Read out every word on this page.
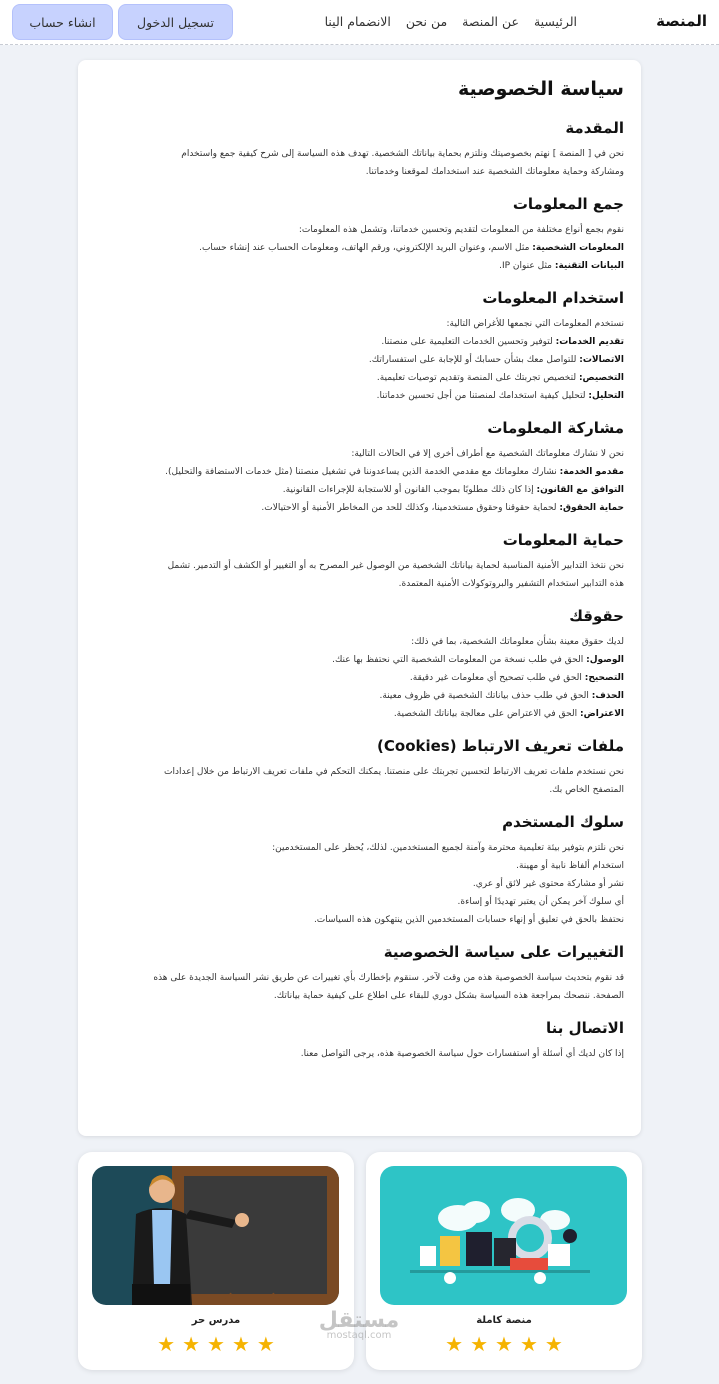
المنصة
الرئيسية
عن المنصة
من نحن
الانضمام الينا
تسجيل الدخول
انشاء حساب
سياسة الخصوصية
المقدمة

نحن في [ المنصة ] نهتم بخصوصيتك ونلتزم بحماية بياناتك الشخصية. تهدف هذه السياسة إلى شرح كيفية جمع واستخدام
ومشاركة وحماية معلوماتك الشخصية عند استخدامك لموقعنا وخدماتنا.

جمع المعلومات
نقوم بجمع أنواع مختلفة من المعلومات لتقديم وتحسين خدماتنا، وتشمل هذه المعلومات:
المعلومات الشخصية: مثل الاسم، وعنوان البريد الإلكتروني، ورقم الهاتف، ومعلومات الحساب عند إنشاء حساب.
البيانات التقنية: مثل عنوان IP.
استخدام المعلومات
نستخدم المعلومات التي نجمعها للأغراض التالية:
تقديم الخدمات: لتوفير وتحسين الخدمات التعليمية على منصتنا.
الاتصالات: للتواصل معك بشأن حسابك أو للإجابة على استفساراتك.
التخصيص: لتخصيص تجربتك على المنصة وتقديم توصيات تعليمية.
التحليل: لتحليل كيفية استخدامك لمنصتنا من أجل تحسين خدماتنا.
مشاركة المعلومات
نحن لا نشارك معلوماتك الشخصية مع أطراف أخرى إلا في الحالات التالية:
مقدمو الخدمة: نشارك معلوماتك مع مقدمي الخدمة الذين يساعدوننا في تشغيل منصتنا (مثل خدمات الاستضافة والتحليل).
التوافق مع القانون: إذا كان ذلك مطلوبًا بموجب القانون أو للاستجابة للإجراءات القانونية.
حماية الحقوق: لحماية حقوقنا وحقوق مستخدمينا، وكذلك للحد من المخاطر الأمنية أو الاحتيالات.
حماية المعلومات

نحن نتخذ التدابير الأمنية المناسبة لحماية بياناتك الشخصية من الوصول غير المصرح به أو التغيير أو الكشف أو التدمير. تشمل
هذه التدابير استخدام التشفير والبروتوكولات الأمنية المعتمدة.

حقوقك
لديك حقوق معينة بشأن معلوماتك الشخصية، بما في ذلك:
الوصول: الحق في طلب نسخة من المعلومات الشخصية التي نحتفظ بها عنك.
التصحيح: الحق في طلب تصحيح أي معلومات غير دقيقة.
الحذف: الحق في طلب حذف بياناتك الشخصية في ظروف معينة.
الاعتراض: الحق في الاعتراض على معالجة بياناتك الشخصية.
ملفات تعريف الارتباط (Cookies)

نحن نستخدم ملفات تعريف الارتباط لتحسين تجربتك على منصتنا. يمكنك التحكم في ملفات تعريف الارتباط من خلال إعدادات
المتصفح الخاص بك.

سلوك المستخدم
نحن نلتزم بتوفير بيئة تعليمية محترمة وآمنة لجميع المستخدمين. لذلك، يُحظر على المستخدمين:
استخدام ألفاظ نابية أو مهينة.
نشر أو مشاركة محتوى غير لائق أو عري.
أي سلوك آخر يمكن أن يعتبر تهديدًا أو إساءة.
نحتفظ بالحق في تعليق أو إنهاء حسابات المستخدمين الذين ينتهكون هذه السياسات.
التغييرات على سياسة الخصوصية

قد نقوم بتحديث سياسة الخصوصية هذه من وقت لآخر. سنقوم بإخطارك بأي تغييرات عن طريق نشر السياسة الجديدة على هذه
الصفحة. ننصحك بمراجعة هذه السياسة بشكل دوري للبقاء على اطلاع على كيفية حماية بياناتك.

الاتصال بنا

إذا كان لديك أي أسئلة أو استفسارات حول سياسة الخصوصية هذه، يرجى التواصل معنا.

منصة كاملة
★
★
★
★
★
مدرس حر
★
★
★
★
★
مستقل
mostaql.com
